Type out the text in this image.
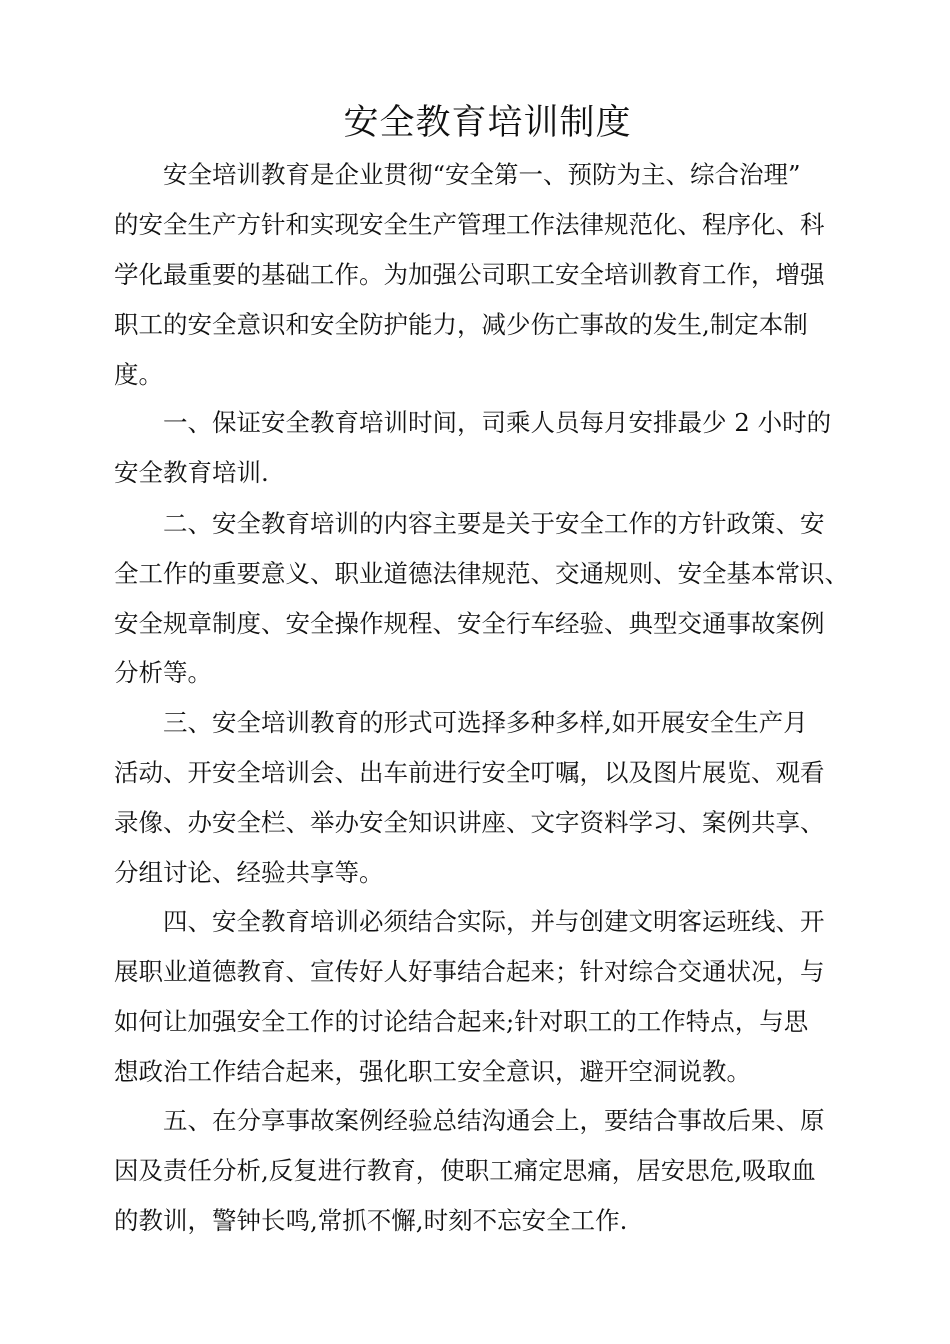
安全教育培训制度

安全培训教育是企业贯彻“安全第一、预防为主、综合治理”

的安全生产方针和实现安全生产管理工作法律规范化、程序化、科

学化最重要的基础工作。为加强公司职工安全培训教育工作，增强

职工的安全意识和安全防护能力，减少伤亡事故的发生,制定本制

度。

一、保证安全教育培训时间，司乘人员每月安排最少 2 小时的

安全教育培训.

二、安全教育培训的内容主要是关于安全工作的方针政策、安

全工作的重要意义、职业道德法律规范、交通规则、安全基本常识、

安全规章制度、安全操作规程、安全行车经验、典型交通事故案例

分析等。

三、安全培训教育的形式可选择多种多样,如开展安全生产月

活动、开安全培训会、出车前进行安全叮嘱，以及图片展览、观看

录像、办安全栏、举办安全知识讲座、文字资料学习、案例共享、

分组讨论、经验共享等。

四、安全教育培训必须结合实际，并与创建文明客运班线、开

展职业道德教育、宣传好人好事结合起来；针对综合交通状况，与

如何让加强安全工作的讨论结合起来;针对职工的工作特点，与思

想政治工作结合起来，强化职工安全意识，避开空洞说教。

五、在分享事故案例经验总结沟通会上，要结合事故后果、原

因及责任分析,反复进行教育，使职工痛定思痛，居安思危,吸取血

的教训，警钟长鸣,常抓不懈,时刻不忘安全工作.
